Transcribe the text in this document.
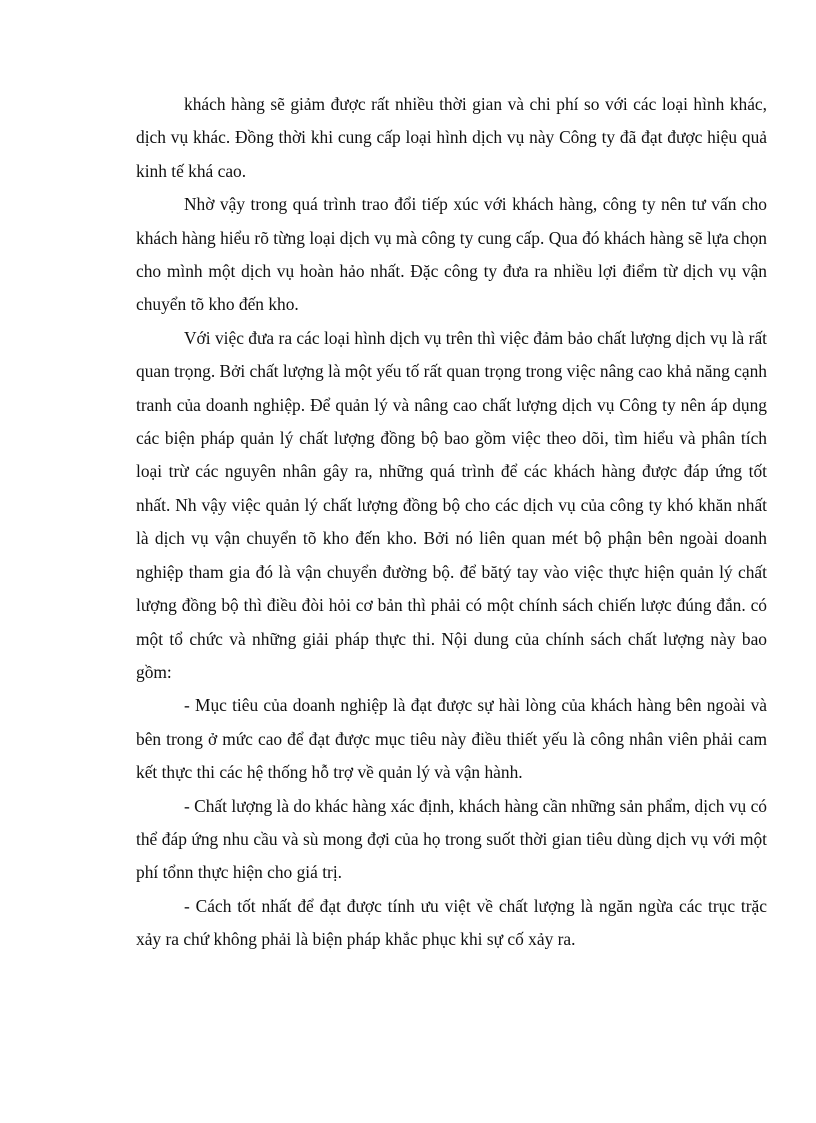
khách hàng sẽ giảm được rất nhiều thời gian và chi phí so với các loại hình khác, dịch vụ khác. Đồng thời khi cung cấp loại hình dịch vụ này Công ty đã đạt được hiệu quả kinh tế khá cao.

Nhờ vậy trong quá trình trao đổi tiếp xúc với khách hàng, công ty nên tư vấn cho khách hàng hiểu rõ từng loại dịch vụ mà công ty cung cấp. Qua đó khách hàng sẽ lựa chọn cho mình một dịch vụ hoàn hảo nhất. Đặc công ty đưa ra nhiều lợi điểm từ dịch vụ vận chuyển tõ kho đến kho.

Với việc đưa ra các loại hình dịch vụ trên thì việc đảm bảo chất lượng dịch vụ là rất quan trọng. Bởi chất lượng là một yếu tố rất quan trọng trong việc nâng cao khả năng cạnh tranh của doanh nghiệp. Để quản lý và nâng cao chất lượng dịch vụ Công ty nên áp dụng các biện pháp quản lý chất lượng đồng bộ bao gồm việc theo dõi, tìm hiểu và phân tích loại trừ các nguyên nhân gây ra, những quá trình để các khách hàng được đáp ứng tốt nhất. Nh vậy việc quản lý chất lượng đồng bộ cho các dịch vụ của công ty khó khăn nhất là dịch vụ vận chuyển tõ kho đến kho. Bởi nó liên quan mét bộ phận bên ngoài doanh nghiệp tham gia đó là vận chuyển đường bộ. để bătý tay vào việc thực hiện quản lý chất lượng đồng bộ thì điều đòi hỏi cơ bản thì phải có một chính sách chiến lược đúng đắn. có một tổ chức và những giải pháp thực thi. Nội dung của chính sách chất lượng này bao gồm:

- Mục tiêu của doanh nghiệp là đạt được sự hài lòng của khách hàng bên ngoài và bên trong ở mức cao để đạt được mục tiêu này điều thiết yếu là công nhân viên phải cam kết thực thi các hệ thống hỗ trợ về quản lý và vận hành.

- Chất lượng là do khác hàng xác định, khách hàng cần những sản phẩm, dịch vụ có thể đáp ứng nhu cầu và sù mong đợi của họ trong suốt thời gian tiêu dùng dịch vụ với một phí tổnn thực hiện cho giá trị.

- Cách tốt nhất để đạt được tính ưu việt về chất lượng là ngăn ngừa các trục trặc xảy ra chứ không phải là biện pháp khắc phục khi sự cố xảy ra.
